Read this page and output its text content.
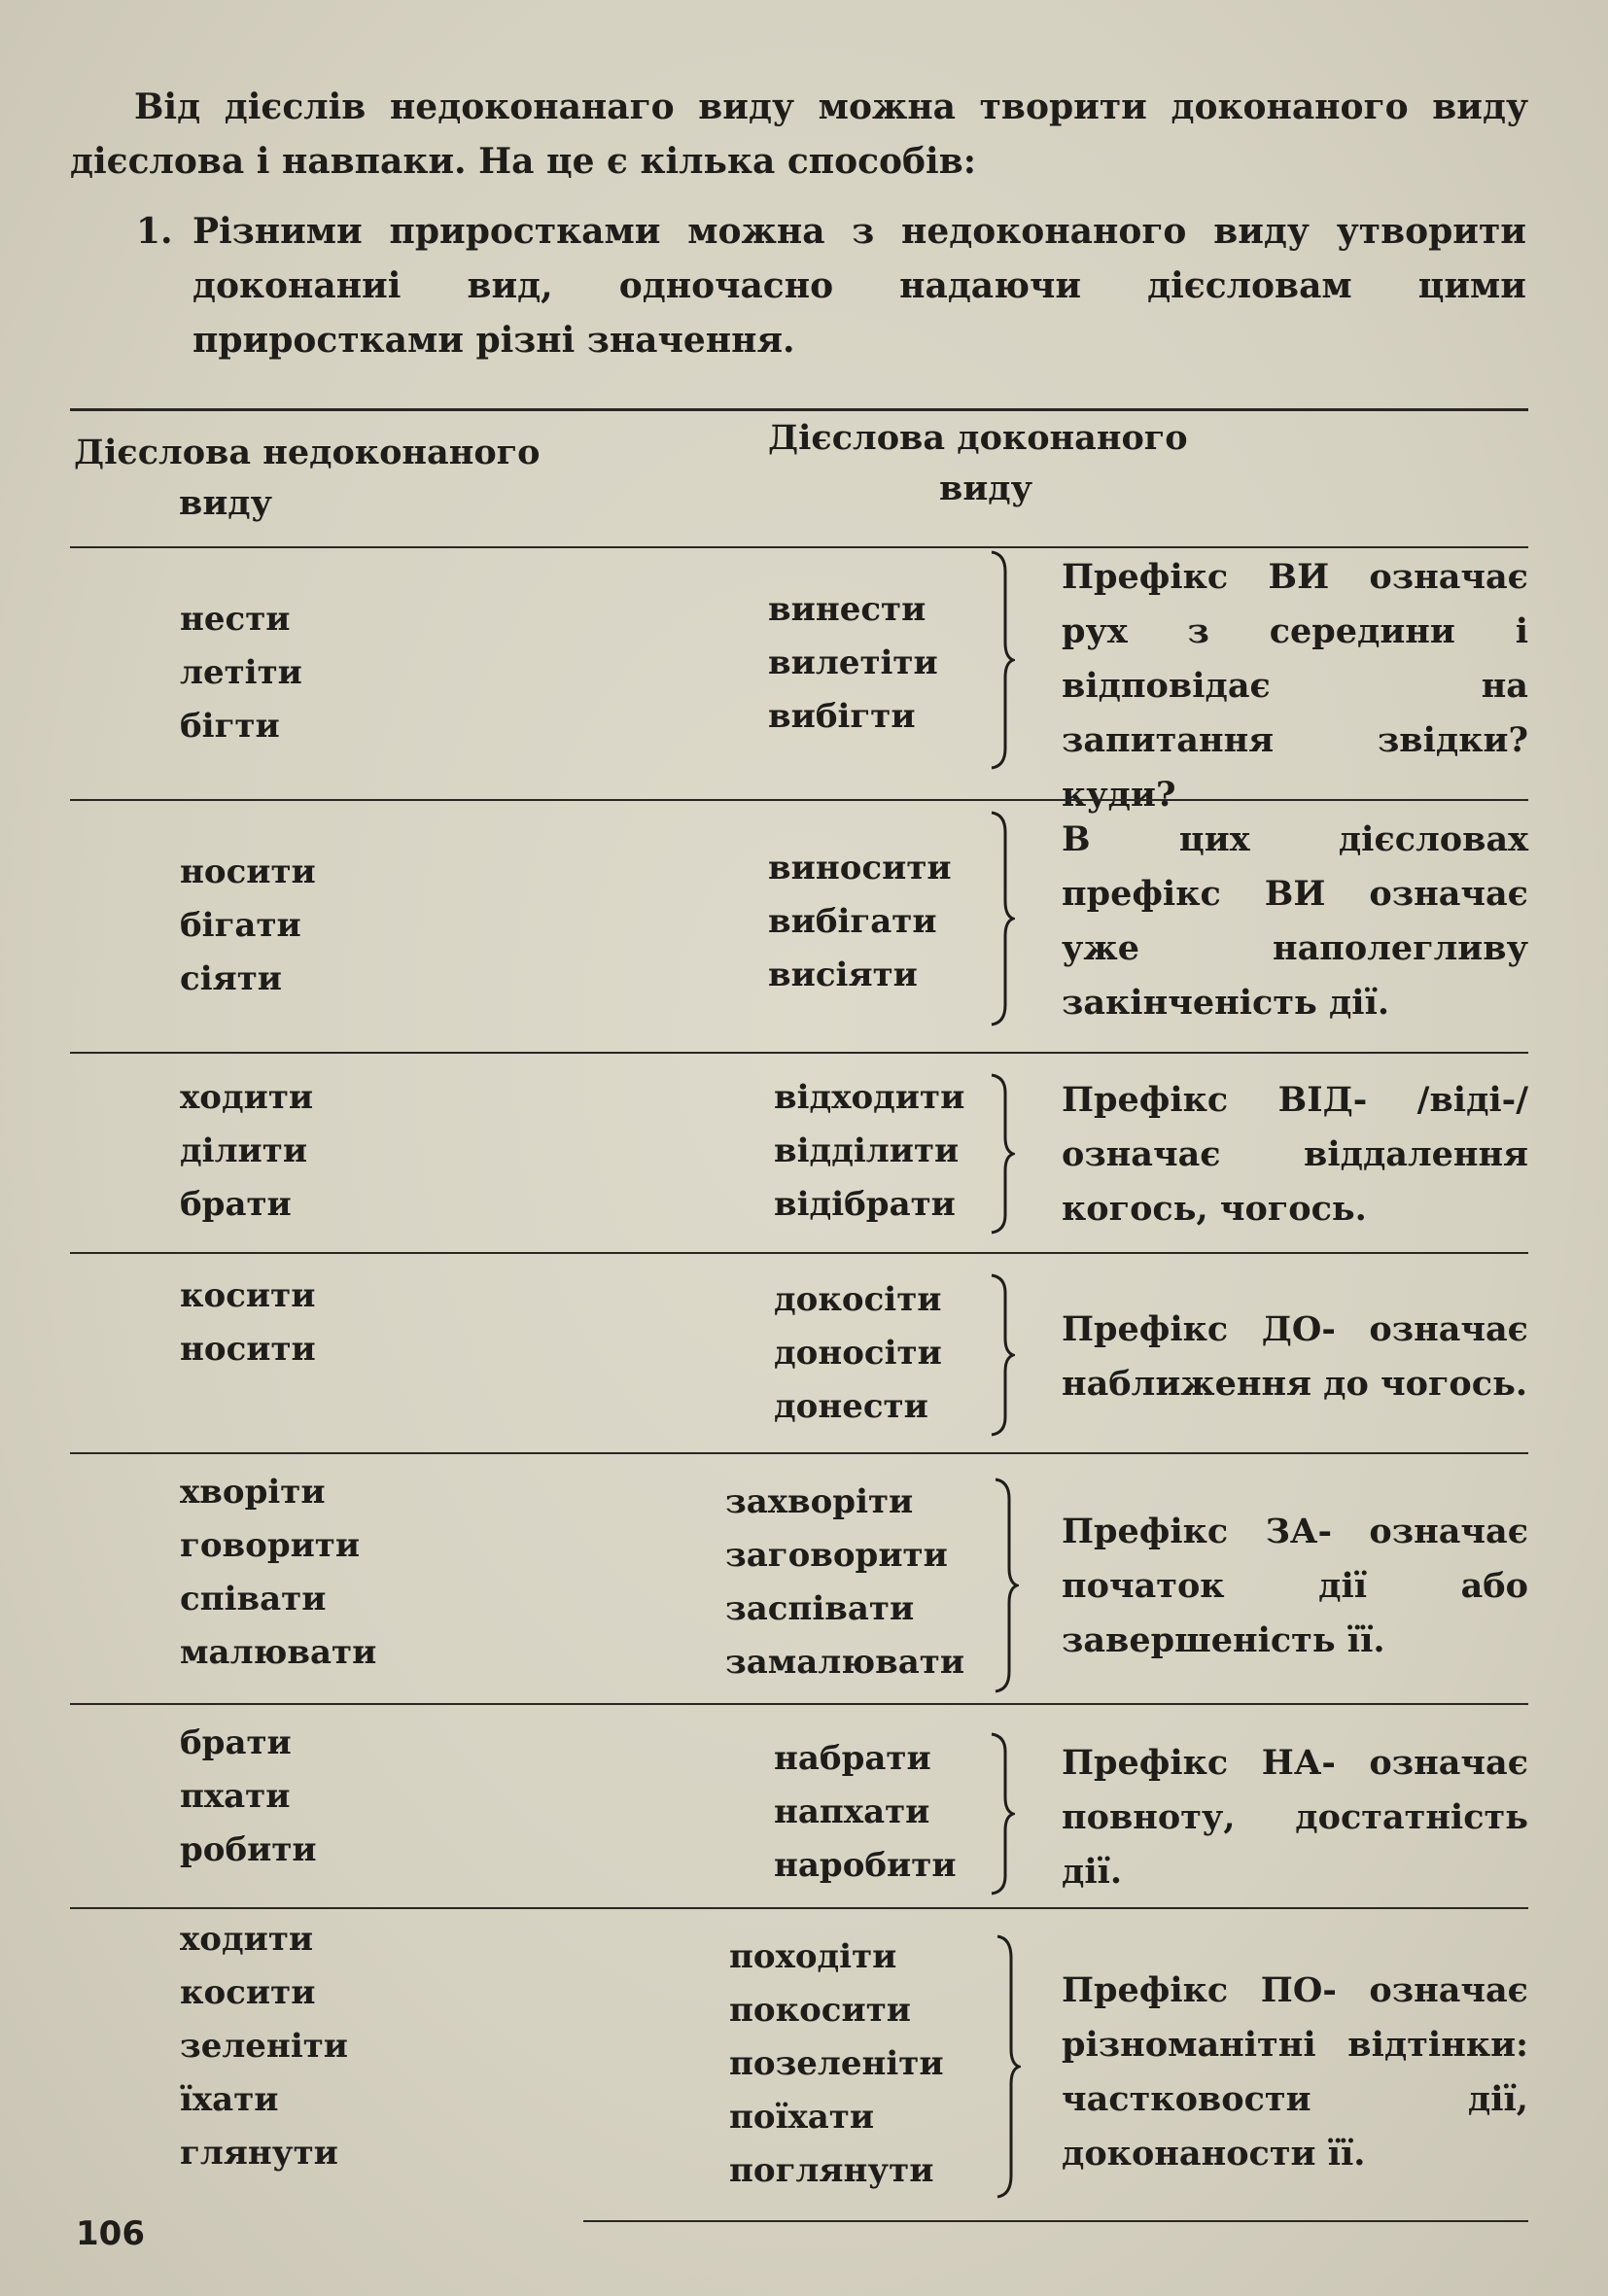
Від дієслів недоконанаго виду можна творити доконаного виду дієслова і навпаки. На це є кілька способів:

1. Різними приростками можна з недоконаного виду утворити доконаниі вид, одночасно надаючи дієсловам цими приростками різні значення.
Дієслова недоконаного
виду
Дієслова доконаного
виду
нести
летіти
бігти
винести
вилетіти
вибігти
Префікс ВИ означає рух з середини і відповідає на запитання звідки? куди?
носити
бігати
сіяти
виносити
вибігати
висіяти
В цих дієсловах префікс ВИ означає уже наполегливу закінченість дії.
ходити
ділити
брати
відходити
відділити
відібрати
Префікс ВІД- /віді-/ означає віддалення когось, чогось.
косити
носити
докосіти
доносіти
донести
Префікс ДО- означає наближення до чогось.
хворіти
говорити
співати
малювати
захворіти
заговорити
заспівати
замалювати
Префікс ЗА- означає початок дії або завершеність її.
брати
пхати
робити
набрати
напхати
наробити
Префікс НА- означає повноту, достатність дії.
ходити
косити
зеленіти
їхати
глянути
походіти
покосити
позеленіти
поїхати
поглянути
Префікс ПО- означає різноманітні відтінки: частковости дії, доконаности її.
106
